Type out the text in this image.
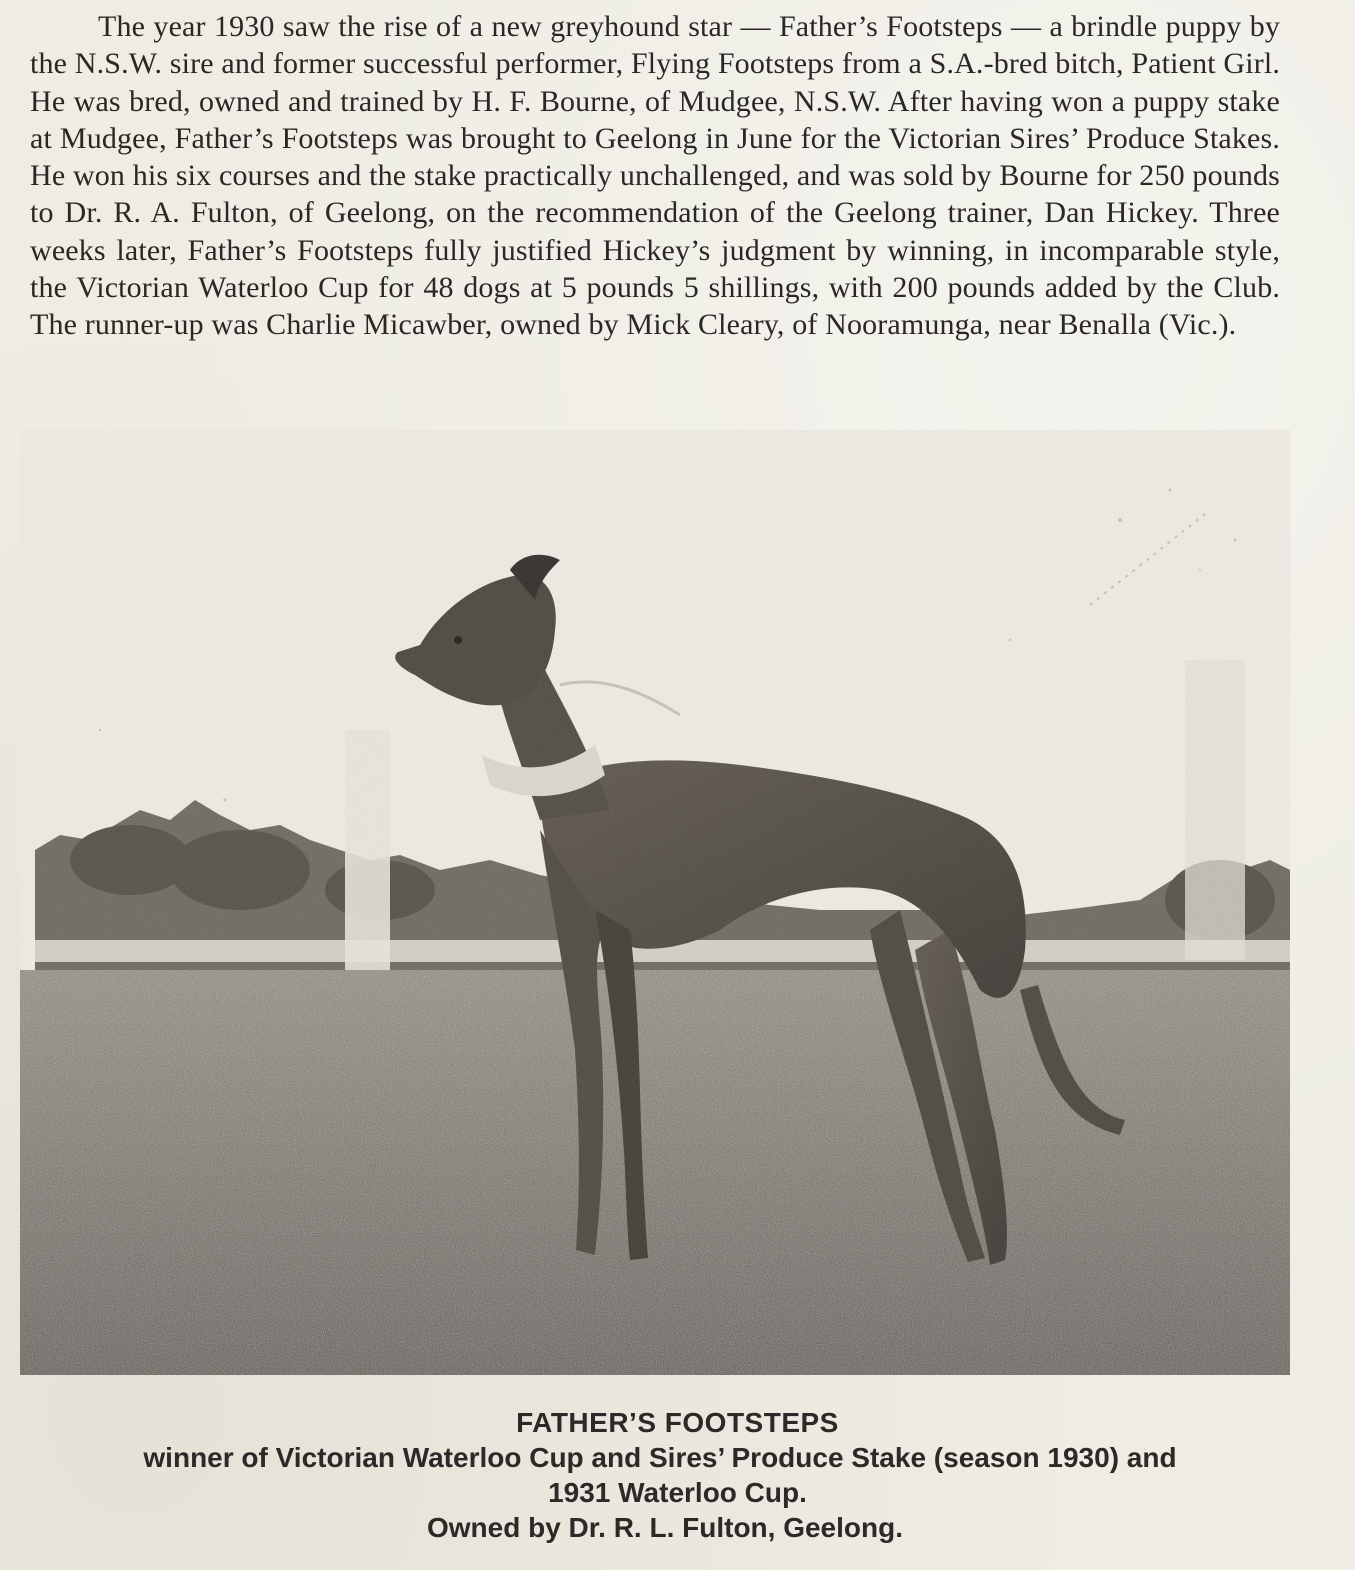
The year 1930 saw the rise of a new greyhound star — Father’s Footsteps — a brindle puppy by the N.S.W. sire and former successful performer, Flying Footsteps from a S.A.-bred bitch, Patient Girl. He was bred, owned and trained by H. F. Bourne, of Mudgee, N.S.W. After having won a puppy stake at Mudgee, Father’s Footsteps was brought to Geelong in June for the Victorian Sires’ Produce Stakes. He won his six courses and the stake practically unchallenged, and was sold by Bourne for 250 pounds to Dr. R. A. Fulton, of Geelong, on the recommendation of the Geelong trainer, Dan Hickey. Three weeks later, Father’s Footsteps fully justified Hickey’s judgment by winning, in incomparable style, the Victorian Waterloo Cup for 48 dogs at 5 pounds 5 shillings, with 200 pounds added by the Club. The runner-up was Charlie Micawber, owned by Mick Cleary, of Nooramunga, near Benalla (Vic.).

FATHER’S FOOTSTEPS
winner of Victorian Waterloo Cup and Sires’ Produce Stake (season 1930) and
1931 Waterloo Cup.
Owned by Dr. R. L. Fulton, Geelong.
